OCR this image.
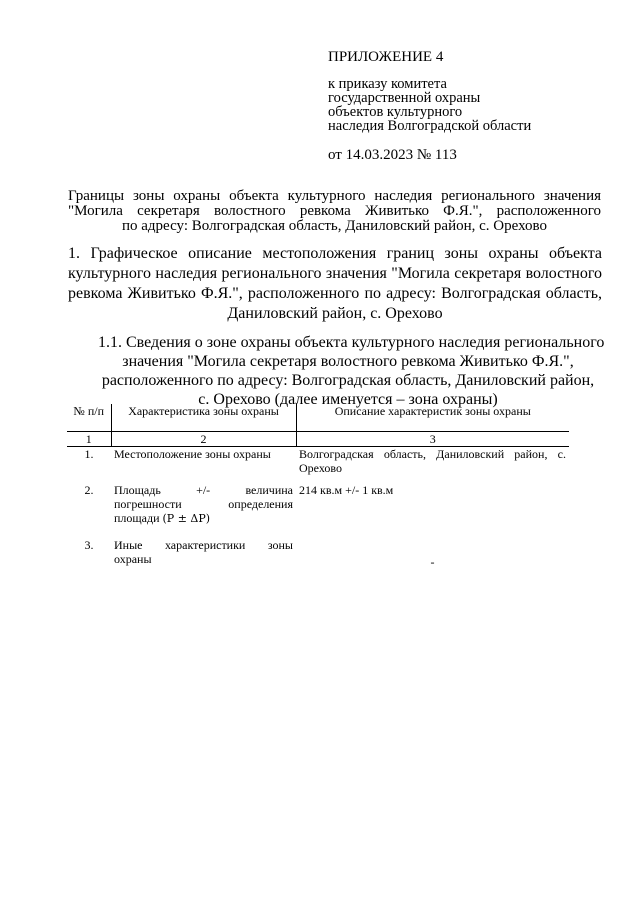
ПРИЛОЖЕНИЕ 4
к приказу комитета
государственной охраны
объектов культурного
наследия Волгоградской области
от 14.03.2023 № 113
Границы зоны охраны объекта культурного наследия регионального значения
"Могила секретаря волостного ревкома Живитько Ф.Я.", расположенного
по адресу: Волгоградская область, Даниловский район, с. Орехово
1. Графическое описание местоположения границ зоны охраны объекта
культурного наследия регионального значения "Могила секретаря волостного
ревкома Живитько Ф.Я.", расположенного по адресу: Волгоградская область,
Даниловский район, с. Орехово
1.1. Сведения о зоне охраны объекта культурного наследия регионального
значения "Могила секретаря волостного ревкома Живитько Ф.Я.",
расположенного по адресу: Волгоградская область, Даниловский район,
с. Орехово (далее именуется – зона охраны)
№ п/п	Характеристика зоны охраны	Описание характеристик зоны охраны
1	2	3
1.	Местоположение зоны охраны	Волгоградская область, Даниловский район, с. Орехово
2.	Площадь +/- величина погрешности определения площади (P ± ΔP)	214 кв.м +/- 1 кв.м
3.	Иные характеристики зоны охраны	-
